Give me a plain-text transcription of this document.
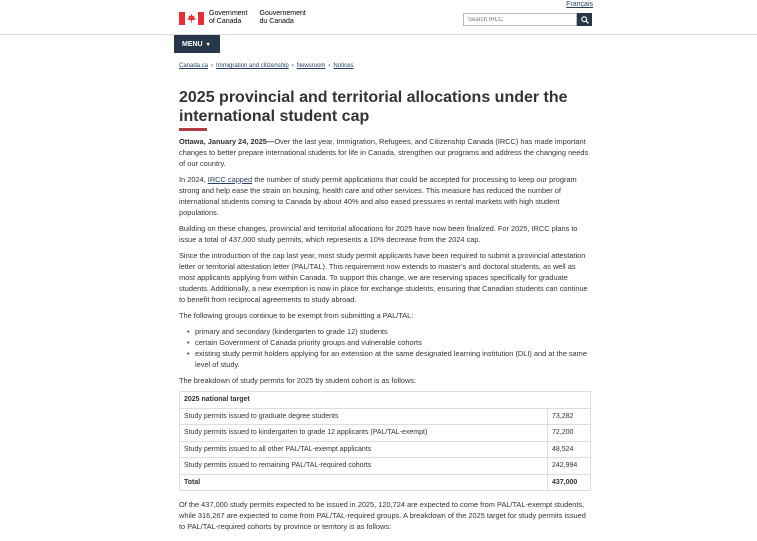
Français
Government
of Canada
Gouvernement
du Canada
Search IRCC
MENU ▾
Canada.ca › Immigration and citizenship › Newsroom › Notices
2025 provincial and territorial allocations under the international student cap

Ottawa, January 24, 2025—Over the last year, Immigration, Refugees, and Citizenship Canada (IRCC) has made important changes to better prepare international students for life in Canada, strengthen our programs and address the changing needs of our country.

In 2024, IRCC capped the number of study permit applications that could be accepted for processing to keep our program strong and help ease the strain on housing, health care and other services. This measure has reduced the number of international students coming to Canada by about 40% and also eased pressures in rental markets with high student populations.

Building on these changes, provincial and territorial allocations for 2025 have now been finalized. For 2025, IRCC plans to issue a total of 437,000 study permits, which represents a 10% decrease from the 2024 cap.

Since the introduction of the cap last year, most study permit applicants have been required to submit a provincial attestation letter or territorial attestation letter (PAL/TAL). This requirement now extends to master’s and doctoral students, as well as most applicants applying from within Canada. To support this change, we are reserving spaces specifically for graduate students. Additionally, a new exemption is now in place for exchange students, ensuring that Canadian students can continue to benefit from reciprocal agreements to study abroad.

The following groups continue to be exempt from submitting a PAL/TAL:

• primary and secondary (kindergarten to grade 12) students
• certain Government of Canada priority groups and vulnerable cohorts
• existing study permit holders applying for an extension at the same designated learning institution (DLI) and at the same level of study.

The breakdown of study permits for 2025 by student cohort is as follows:

2025 national target	
Study permits issued to graduate degree students	73,282
Study permits issued to kindergarten to grade 12 applicants (PAL/TAL-exempt)	72,200
Study permits issued to all other PAL/TAL-exempt applicants	48,524
Study permits issued to remaining PAL/TAL-required cohorts	242,994
Total	437,000

Of the 437,000 study permits expected to be issued in 2025, 120,724 are expected to come from PAL/TAL-exempt students, while 316,267 are expected to come from PAL/TAL-required groups. A breakdown of the 2025 target for study permits issued to PAL/TAL-required cohorts by province or territory is as follows:
